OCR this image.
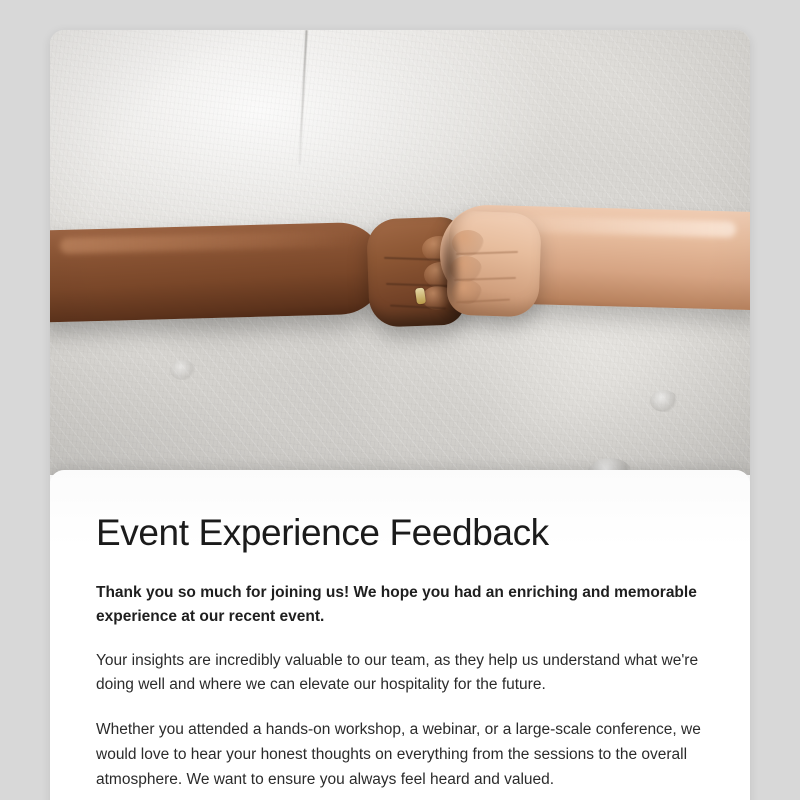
Event Experience Feedback

Thank you so much for joining us! We hope you had an enriching and memorable experience at our recent event.

Your insights are incredibly valuable to our team, as they help us understand what we're doing well and where we can elevate our hospitality for the future.

Whether you attended a hands-on workshop, a webinar, or a large-scale conference, we would love to hear your honest thoughts on everything from the sessions to the overall atmosphere. We want to ensure you always feel heard and valued.
